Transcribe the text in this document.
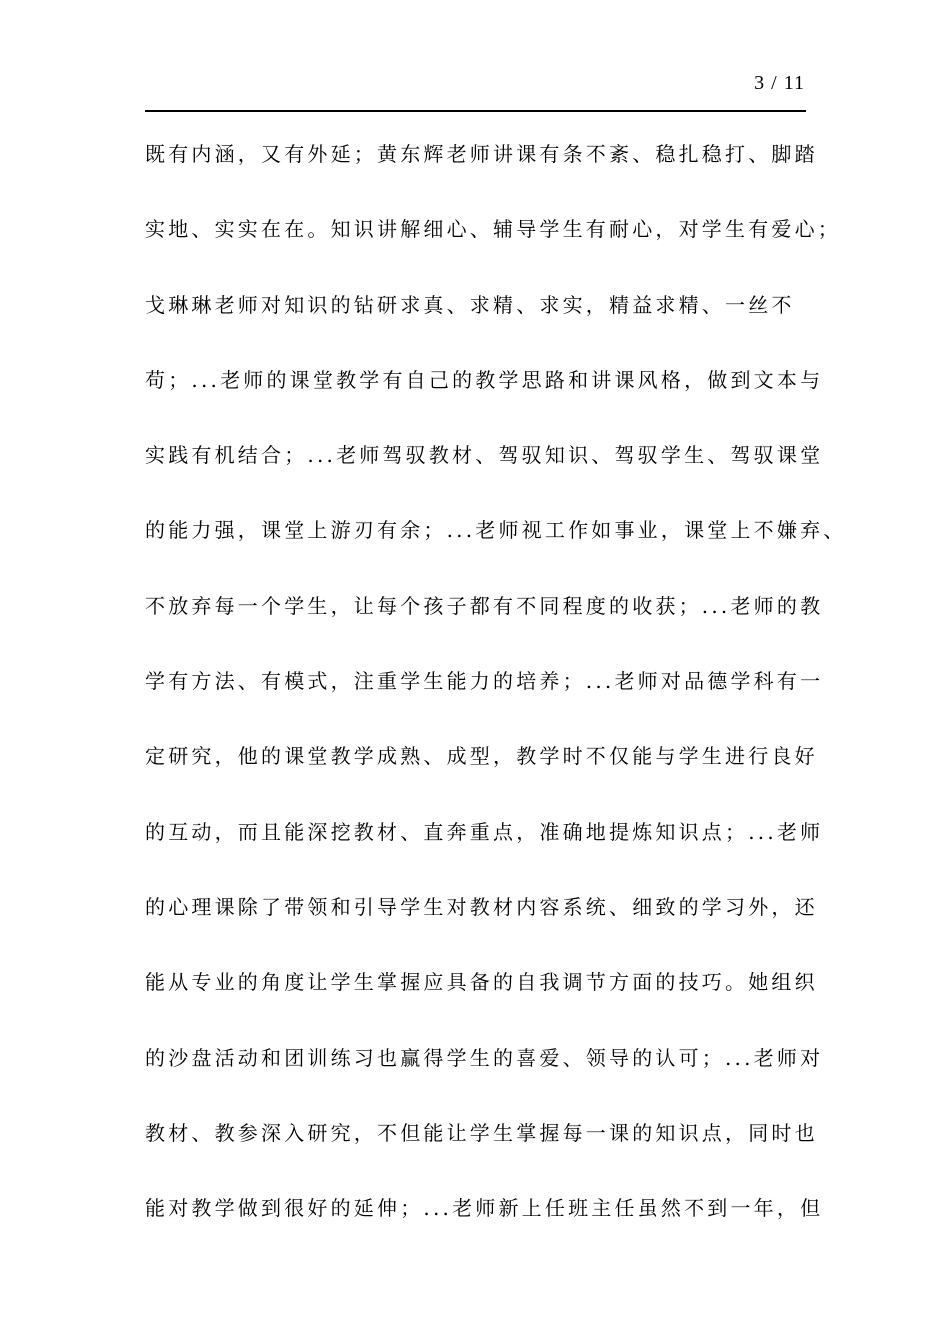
3 / 11
既有内涵，又有外延；黄东辉老师讲课有条不紊、稳扎稳打、脚踏
实地、实实在在。知识讲解细心、辅导学生有耐心，对学生有爱心；
戈琳琳老师对知识的钻研求真、求精、求实，精益求精、一丝不
苟；...老师的课堂教学有自己的教学思路和讲课风格，做到文本与
实践有机结合；...老师驾驭教材、驾驭知识、驾驭学生、驾驭课堂
的能力强，课堂上游刃有余；...老师视工作如事业，课堂上不嫌弃、
不放弃每一个学生，让每个孩子都有不同程度的收获；...老师的教
学有方法、有模式，注重学生能力的培养；...老师对品德学科有一
定研究，他的课堂教学成熟、成型，教学时不仅能与学生进行良好
的互动，而且能深挖教材、直奔重点，准确地提炼知识点；...老师
的心理课除了带领和引导学生对教材内容系统、细致的学习外，还
能从专业的角度让学生掌握应具备的自我调节方面的技巧。她组织
的沙盘活动和团训练习也赢得学生的喜爱、领导的认可；...老师对
教材、教参深入研究，不但能让学生掌握每一课的知识点，同时也
能对教学做到很好的延伸；...老师新上任班主任虽然不到一年，但
